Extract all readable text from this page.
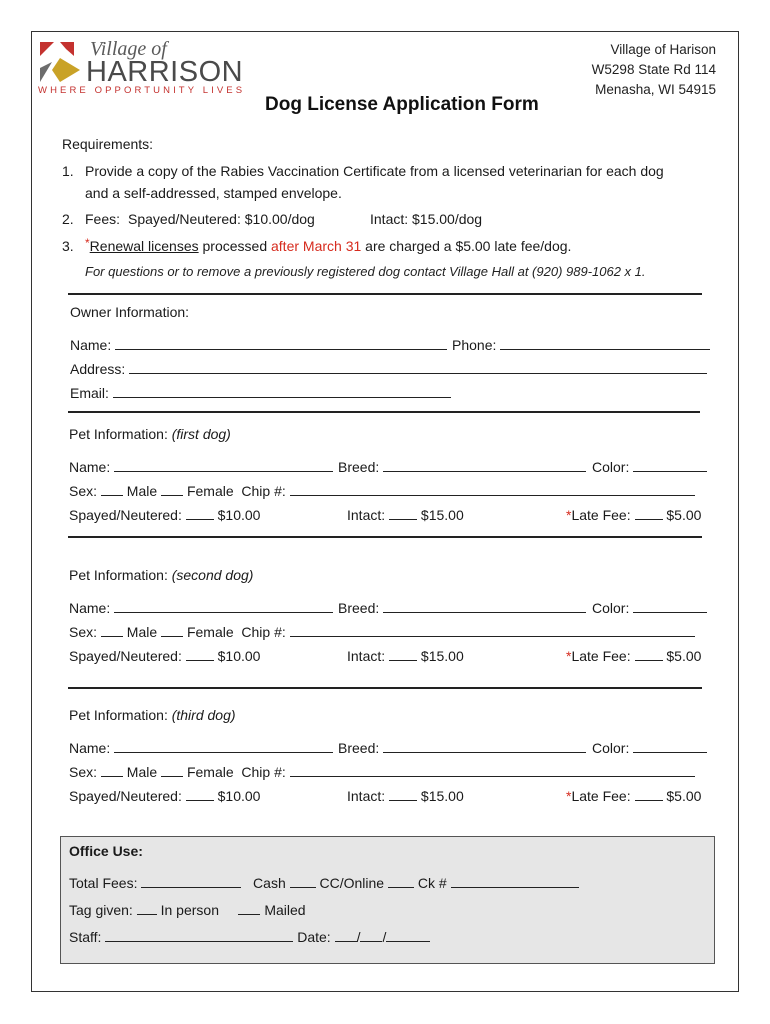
Village of
HARRISON
WHERE OPPORTUNITY LIVES
Village of Harison
W5298 State Rd 114
Menasha, WI 54915
Dog License Application Form
Requirements:
1. Provide a copy of the Rabies Vaccination Certificate from a licensed veterinarian for each dog
and a self-addressed, stamped envelope.
2. Fees: Spayed/Neutered: $10.00/dog	Intact: $15.00/dog
3. *Renewal licenses processed after March 31 are charged a $5.00 late fee/dog.
For questions or to remove a previously registered dog contact Village Hall at (920) 989-1062 x 1.
Owner Information:
Name:	Phone:
Address:
Email:
Pet Information: (first dog)
Name:	Breed:	Color:
Sex: Male Female Chip #:
Spayed/Neutered:	$10.00	Intact:	$15.00	*Late Fee:	$5.00
Pet Information: (second dog)
Name:	Breed:	Color:
Sex: Male Female Chip #:
Spayed/Neutered:	$10.00	Intact:	$15.00	*Late Fee:	$5.00
Pet Information: (third dog)
Name:	Breed:	Color:
Sex: Male Female Chip #:
Spayed/Neutered:	$10.00	Intact:	$15.00	*Late Fee:	$5.00
Office Use:
Total Fees:	Cash CC/Online Ck #
Tag given: In person	Mailed
Staff:	Date: / /
